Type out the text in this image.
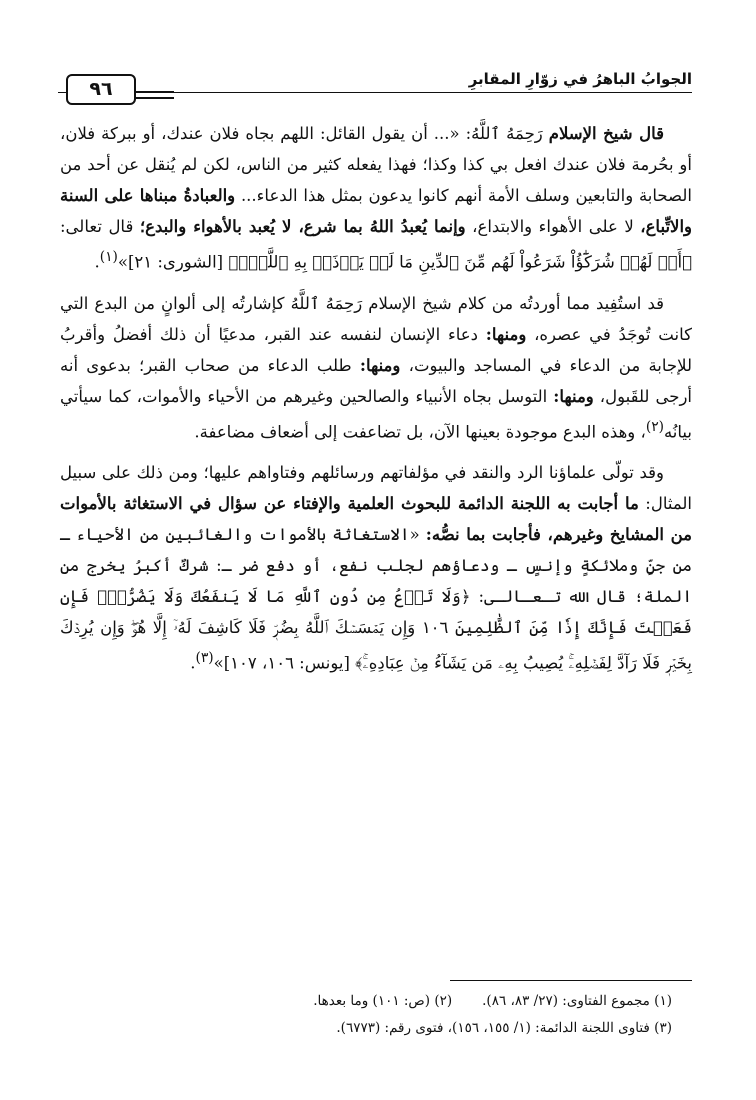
الجوابُ الباهرُ في زوّارِ المقابرِ
٩٦

قال شيخ الإسلام رَحِمَهُ ٱللَّهُ: «... أن يقول القائل: اللهم بجاه فلان عندك، أو ببركة فلان، أو بحُرمة فلان عندك افعل بي كذا وكذا؛ فهذا يفعله كثير من الناس، لكن لم يُنقل عن أحد من الصحابة والتابعين وسلف الأمة أنهم كانوا يدعون بمثل هذا الدعاء... والعبادةُ مبناها على السنة والاتِّباع، لا على الأهواء والابتداع، وإنما يُعبدُ اللهُ بما شرع، لا يُعبد بالأهواء والبدع؛ قال تعالى: ﴿أَمۡ لَهُمۡ شُرَكَٰٓؤُاْ شَرَعُواْ لَهُم مِّنَ ٱلدِّينِ مَا لَمۡ يَأۡذَنۢ بِهِ ٱللَّهُۚ﴾ [الشورى: ٢١]»$^{(١)}$.

قد استُفِيد مما أوردتُه من كلام شيخ الإسلام رَحِمَهُ ٱللَّهُ كإشارتُه إلى ألوانٍ من البدع التي كانت تُوجَدُ في عصره، ومنها: دعاء الإنسان لنفسه عند القبر، مدعيًا أن ذلك أفضلُ وأقربُ للإجابة من الدعاء في المساجد والبيوت، ومنها: طلب الدعاء من صحاب القبر؛ بدعوى أنه أرجى للقَبول، ومنها: التوسل بجاه الأنبياء والصالحين وغيرهم من الأحياء والأموات، كما سيأتي بيانُه$^{(٢)}$، وهذه البدع موجودة بعينها الآن، بل تضاعفت إلى أضعاف مضاعفة.

وقد تولّى علماؤنا الرد والنقد في مؤلفاتهم ورسائلهم وفتاواهم عليها؛ ومن ذلك على سبيل المثال: ما أجابت به اللجنة الدائمة للبحوث العلمية والإفتاء عن سؤال في الاستغاثة بالأموات من المشايخ وغيرهم، فأجابت بما نصُّه: «الاستغاثة بالأموات والغائبين من الأحياء ـ من جنٍّ وملائكةٍ وإنسٍ ـ ودعاؤهم لجلب نفع، أو دفع ضر ـ: شركٌ أكبرُ يخرج من الملة؛ قال الله تـعـالـى: ﴿وَلَا تَدۡعُ مِن دُونِ ٱللَّهِ مَا لَا يَنفَعُكَ وَلَا يَضُرُّكَۖ فَإِن فَعَلۡتَ فَإِنَّكَ إِذٗا مِّنَ ٱلظَّٰلِمِينَ ١٠٦ وَإِن يَمۡسَسۡكَ ٱللَّهُ بِضُرّٖ فَلَا كَاشِفَ لَهُۥٓ إِلَّا هُوَۖ وَإِن يُرِدۡكَ بِخَيۡرٖ فَلَا رَآدَّ لِفَضۡلِهِۦۚ يُصِيبُ بِهِۦ مَن يَشَآءُ مِنۡ عِبَادِهِۦۚ﴾ [يونس: ١٠٦، ١٠٧]»$^{(٣)}$.

(١) مجموع الفتاوى: (٢٧/ ٨٣، ٨٦).(٢) (ص: ١٠١) وما بعدها.
(٣) فتاوى اللجنة الدائمة: (١/ ١٥٥، ١٥٦)، فتوى رقم: (٦٧٧٣).
